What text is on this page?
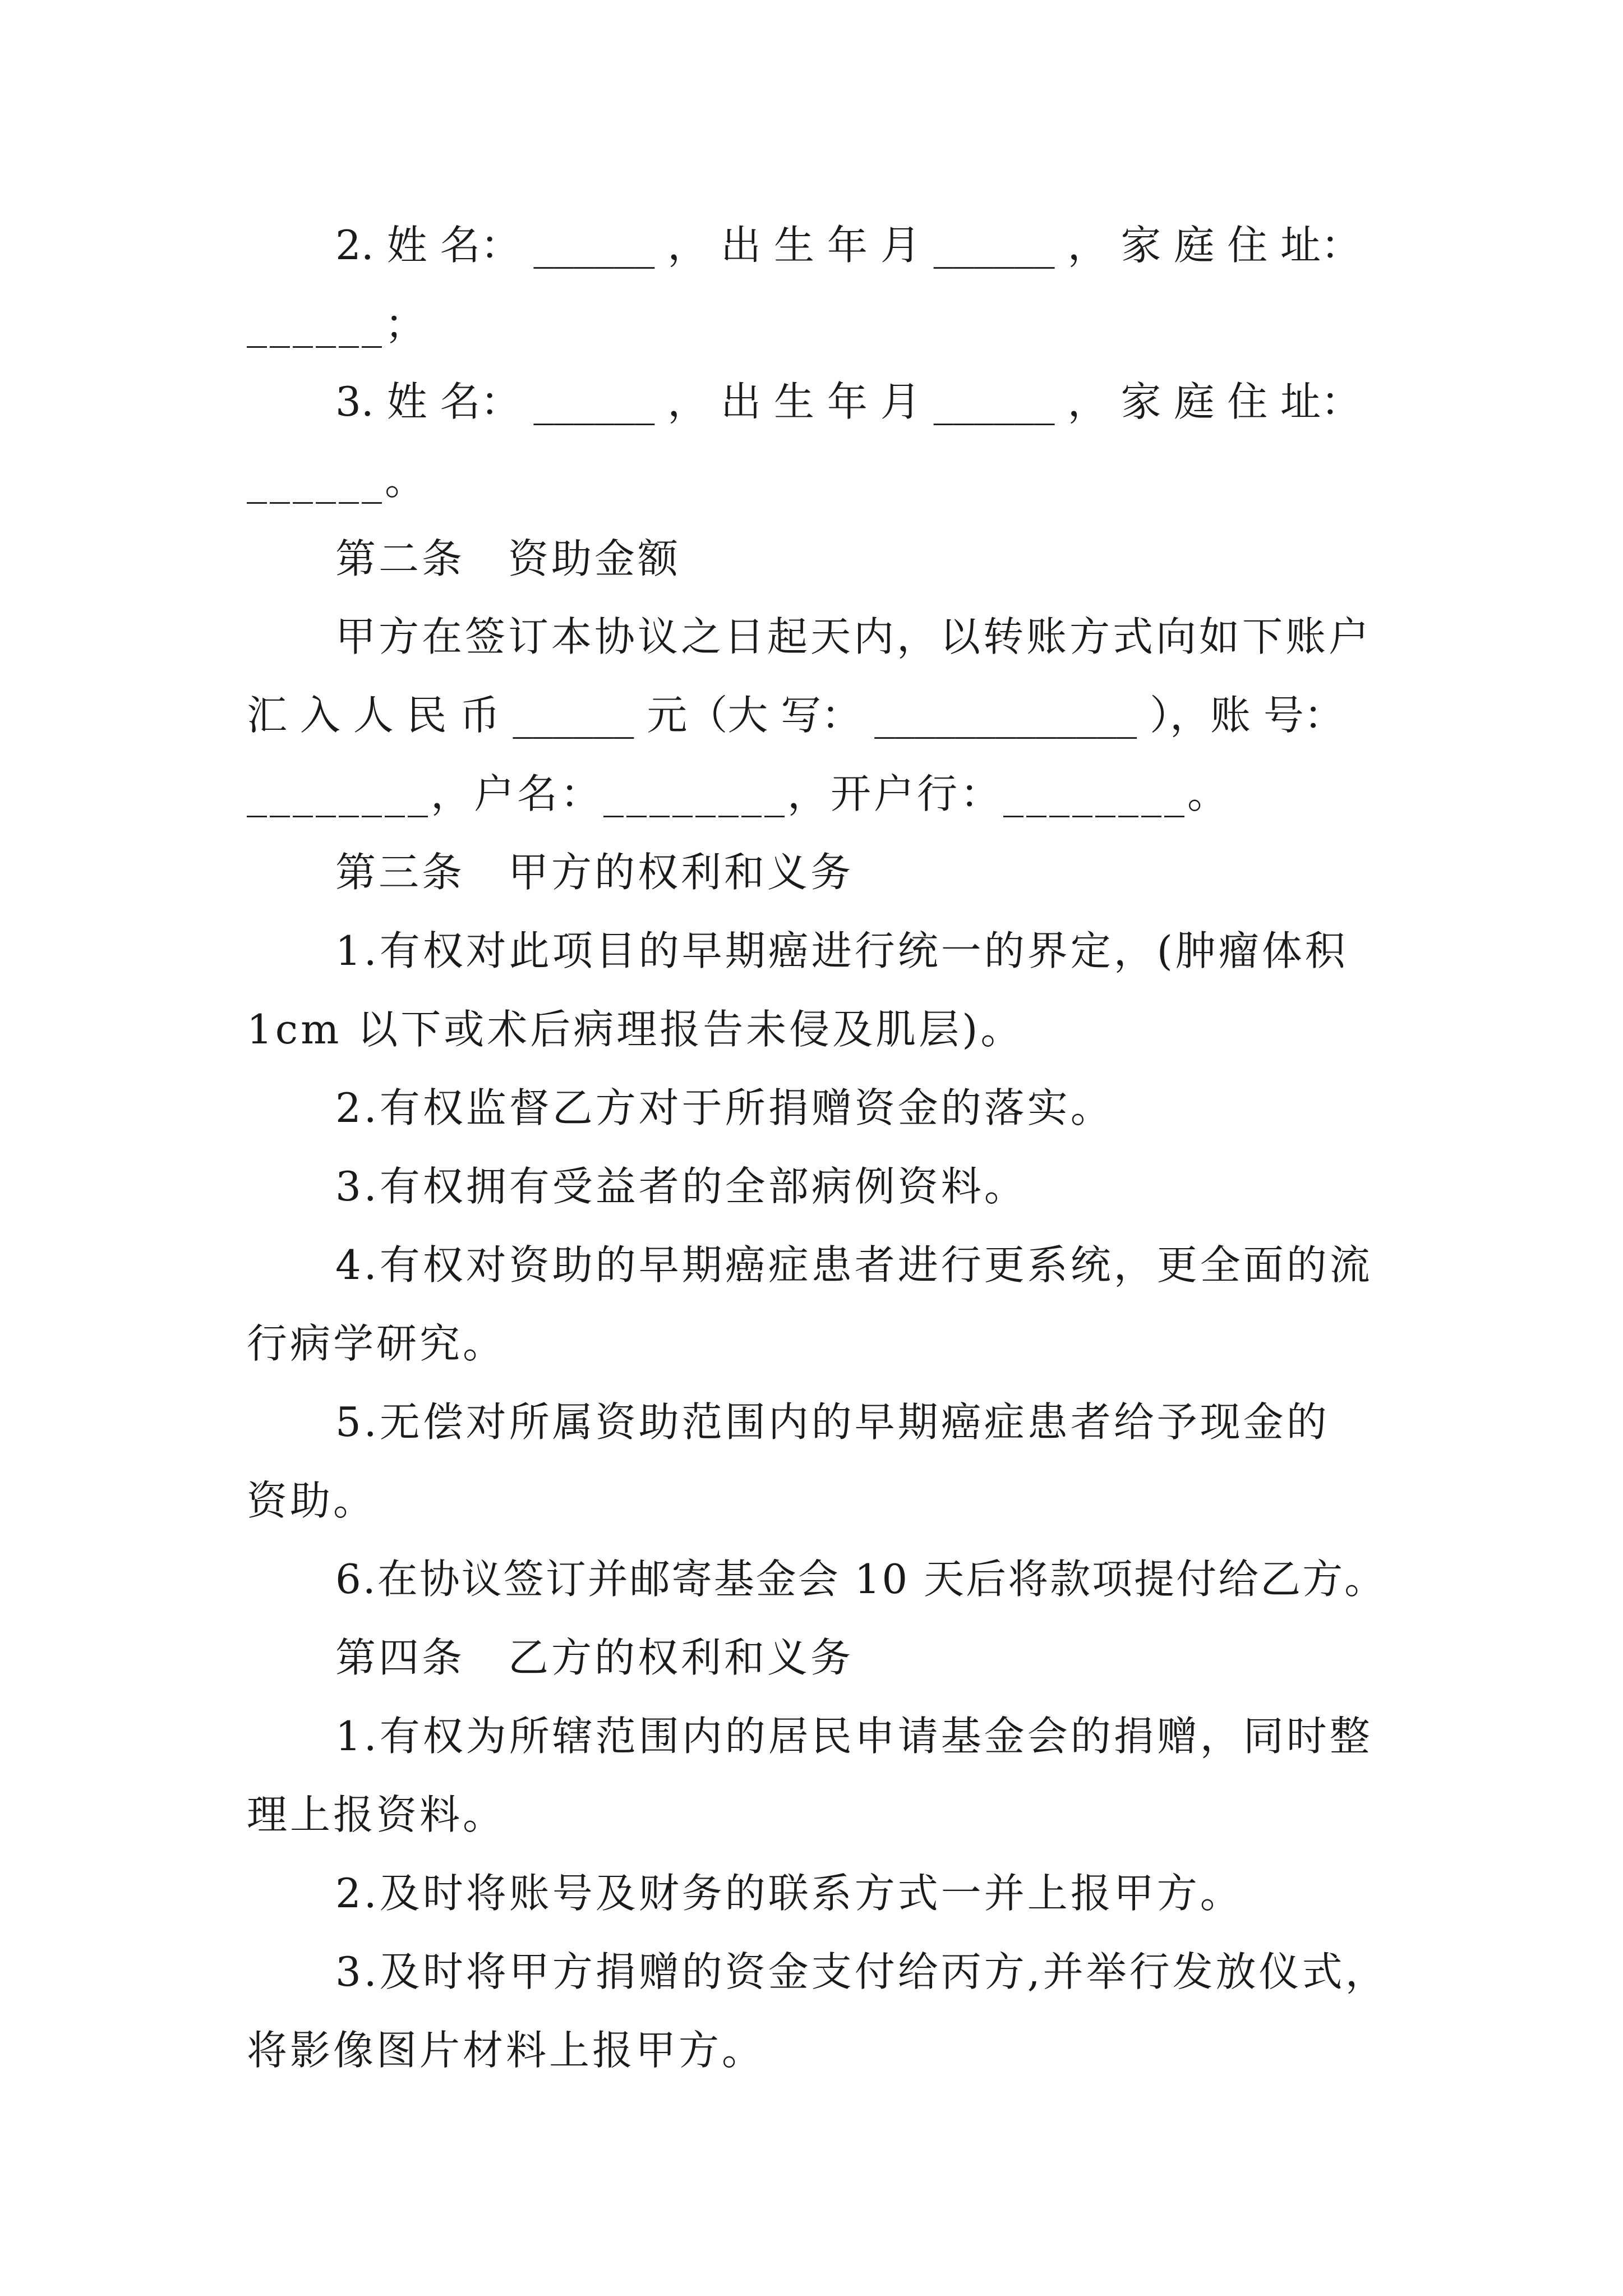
2. 姓 名： ______ ， 出 生 年 月 ______ ， 家 庭 住 址：

______；

3. 姓 名： ______ ， 出 生 年 月 ______ ， 家 庭 住 址：

______。

第二条　资助金额

甲方在签订本协议之日起天内，以转账方式向如下账户

汇 入 人 民 币 ______ 元（大 写： _____________ ），账 号：

________，户名：________，开户行：________。

第三条　甲方的权利和义务

1.有权对此项目的早期癌进行统一的界定，(肿瘤体积

1cm 以下或术后病理报告未侵及肌层)。

2.有权监督乙方对于所捐赠资金的落实。

3.有权拥有受益者的全部病例资料。

4.有权对资助的早期癌症患者进行更系统，更全面的流

行病学研究。

5.无偿对所属资助范围内的早期癌症患者给予现金的

资助。

6.在协议签订并邮寄基金会 10 天后将款项提付给乙方。

第四条　乙方的权利和义务

1.有权为所辖范围内的居民申请基金会的捐赠，同时整

理上报资料。

2.及时将账号及财务的联系方式一并上报甲方。

3.及时将甲方捐赠的资金支付给丙方,并举行发放仪式，

将影像图片材料上报甲方。
